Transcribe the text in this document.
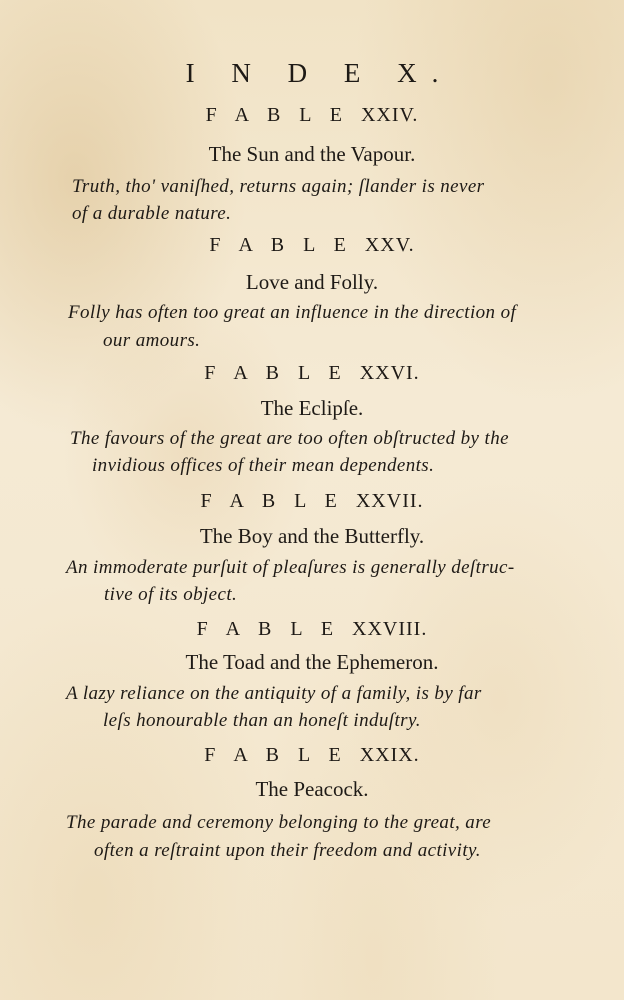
I N D E X.
F A B L E XXIV.
The Sun and the Vapour.
Truth, tho' vaniſhed, returns again; ſlander is never
of a durable nature.
F A B L E XXV.
Love and Folly.
Folly has often too great an influence in the direction of
our amours.
F A B L E XXVI.
The Eclipſe.
The favours of the great are too often obſtructed by the
invidious offices of their mean dependents.
F A B L E XXVII.
The Boy and the Butterfly.
An immoderate purſuit of pleaſures is generally deſtruc-
tive of its object.
F A B L E XXVIII.
The Toad and the Ephemeron.
A lazy reliance on the antiquity of a family, is by far
leſs honourable than an honeſt induſtry.
F A B L E XXIX.
The Peacock.
The parade and ceremony belonging to the great, are
often a reſtraint upon their freedom and activity.
